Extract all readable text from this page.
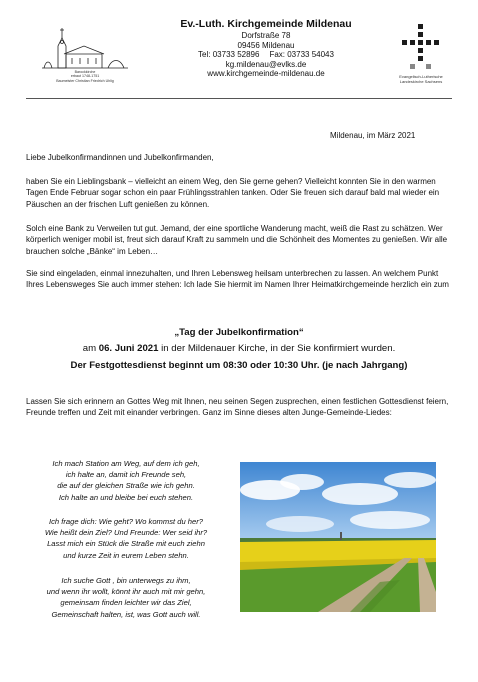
Barockkirche
erbaut 1748-1751
Baumeister Christian Friedrich Uhlig
Ev.-Luth. Kirchgemeinde Mildenau
Dorfstraße 78
09456 Mildenau
Tel: 03733 52896 Fax: 03733 54043
kg.mildenau@evlks.de
www.kirchgemeinde-mildenau.de	Evangelisch-Lutherische
Landeskirche Sachsens
Mildenau, im März 2021

Liebe Jubelkonfirmandinnen und Jubelkonfirmanden,

haben Sie ein Lieblingsbank – vielleicht an einem Weg, den Sie gerne gehen? Vielleicht konnten Sie in den warmen Tagen Ende Februar sogar schon ein paar Frühlingsstrahlen tanken. Oder Sie freuen sich darauf bald mal wieder ein Päuschen an der frischen Luft genießen zu können.

Solch eine Bank zu Verweilen tut gut. Jemand, der eine sportliche Wanderung macht, weiß die Rast zu schätzen. Wer körperlich weniger mobil ist, freut sich darauf Kraft zu sammeln und die Schönheit des Momentes zu genießen. Wir alle brauchen solche „Bänke“ im Leben…

Sie sind eingeladen, einmal innezuhalten, und Ihren Lebensweg heilsam unterbrechen zu lassen. An welchem Punkt Ihres Lebensweges Sie auch immer stehen: Ich lade Sie hiermit im Namen Ihrer Heimatkirchgemeinde herzlich ein zum

„Tag der Jubelkonfirmation“
am 06. Juni 2021 in der Mildenauer Kirche, in der Sie konfirmiert wurden.
Der Festgottesdienst beginnt um 08:30 oder 10:30 Uhr. (je nach Jahrgang)

Lassen Sie sich erinnern an Gottes Weg mit Ihnen, neu seinen Segen zusprechen, einen festlichen Gottesdienst feiern, Freunde treffen und Zeit mit einander verbringen. Ganz im Sinne dieses alten Junge-Gemeinde-Liedes:

Ich mach Station am Weg, auf dem ich geh,
ich halte an, damit ich Freunde seh,
die auf der gleichen Straße wie ich gehn.
Ich halte an und bleibe bei euch stehen.
Ich frage dich: Wie geht? Wo kommst du her?
Wie heißt dein Ziel? Und Freunde: Wer seid ihr?
Lasst mich ein Stück die Straße mit euch ziehn
und kurze Zeit in eurem Leben stehn.
Ich suche Gott , bin unterwegs zu ihm,
und wenn ihr wollt, könnt ihr auch mit mir gehn,
gemeinsam finden leichter wir das Ziel,
Gemeinschaft halten, ist, was Gott auch will.
